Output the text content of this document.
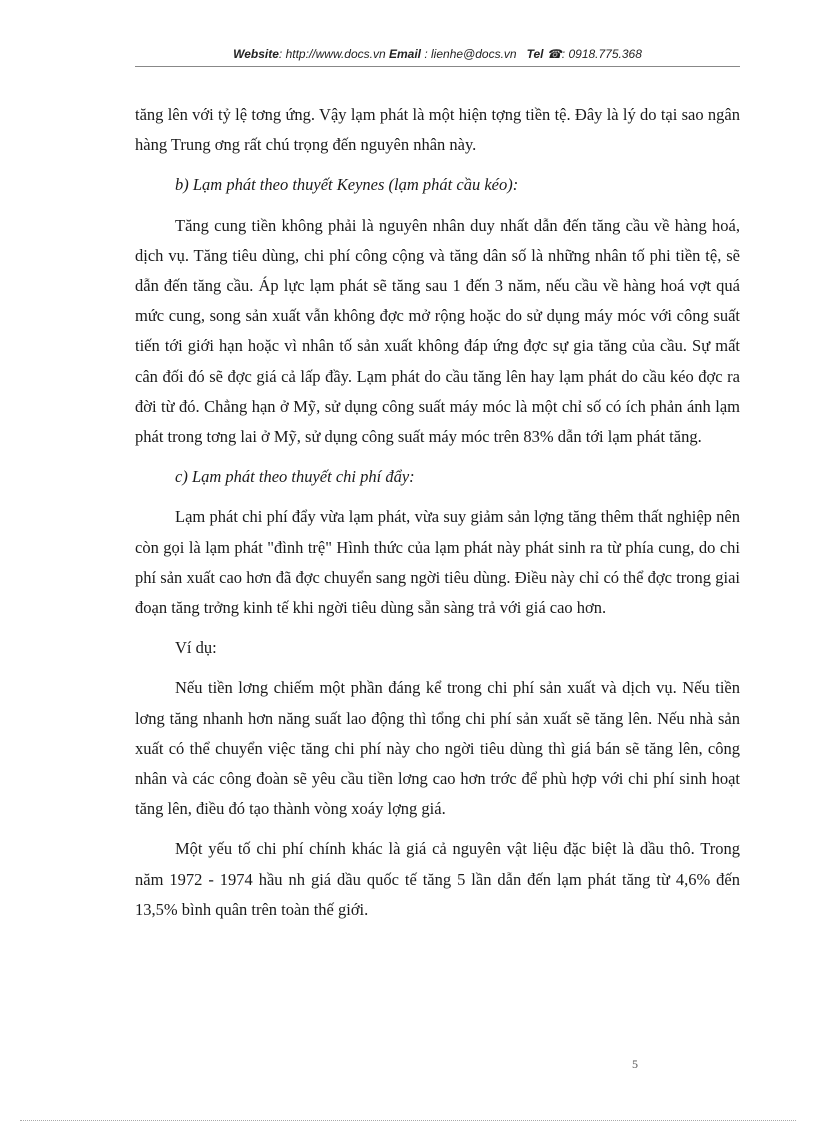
Website: http://www.docs.vn Email : lienhe@docs.vn Tel ☎: 0918.775.368

tăng lên với tỷ lệ tơng ứng. Vậy lạm phát là một hiện tợng tiền tệ. Đây là lý do tại sao ngân hàng Trung ơng rất chú trọng đến nguyên nhân này.

b) Lạm phát theo thuyết Keynes (lạm phát cầu kéo):

Tăng cung tiền không phải là nguyên nhân duy nhất dẫn đến tăng cầu về hàng hoá, dịch vụ. Tăng tiêu dùng, chi phí công cộng và tăng dân số là những nhân tố phi tiền tệ, sẽ dẫn đến tăng cầu. Áp lực lạm phát sẽ tăng sau 1 đến 3 năm, nếu cầu về hàng hoá vợt quá mức cung, song sản xuất vẫn không đợc mở rộng hoặc do sử dụng máy móc với công suất tiến tới giới hạn hoặc vì nhân tố sản xuất không đáp ứng đợc sự gia tăng của cầu. Sự mất cân đối đó sẽ đợc giá cả lấp đầy. Lạm phát do cầu tăng lên hay lạm phát do cầu kéo đợc ra đời từ đó. Chẳng hạn ở Mỹ, sử dụng công suất máy móc là một chỉ số có ích phản ánh lạm phát trong tơng lai ở Mỹ, sử dụng công suất máy móc trên 83% dẫn tới lạm phát tăng.

c) Lạm phát theo thuyết chi phí đẩy:

Lạm phát chi phí đẩy vừa lạm phát, vừa suy giảm sản lợng tăng thêm thất nghiệp nên còn gọi là lạm phát "đình trệ" Hình thức của lạm phát này phát sinh ra từ phía cung, do chi phí sản xuất cao hơn đã đợc chuyển sang ngời tiêu dùng. Điều này chỉ có thể đợc trong giai đoạn tăng trởng kinh tế khi ngời tiêu dùng sẵn sàng trả với giá cao hơn.

Ví dụ:

Nếu tiền lơng chiếm một phần đáng kể trong chi phí sản xuất và dịch vụ. Nếu tiền lơng tăng nhanh hơn năng suất lao động thì tổng chi phí sản xuất sẽ tăng lên. Nếu nhà sản xuất có thể chuyển việc tăng chi phí này cho ngời tiêu dùng thì giá bán sẽ tăng lên, công nhân và các công đoàn sẽ yêu cầu tiền lơng cao hơn trớc để phù hợp với chi phí sinh hoạt tăng lên, điều đó tạo thành vòng xoáy lợng giá.

Một yếu tố chi phí chính khác là giá cả nguyên vật liệu đặc biệt là dầu thô. Trong năm 1972 - 1974 hầu nh giá dầu quốc tế tăng 5 lần dẫn đến lạm phát tăng từ 4,6% đến 13,5% bình quân trên toàn thế giới.

5
